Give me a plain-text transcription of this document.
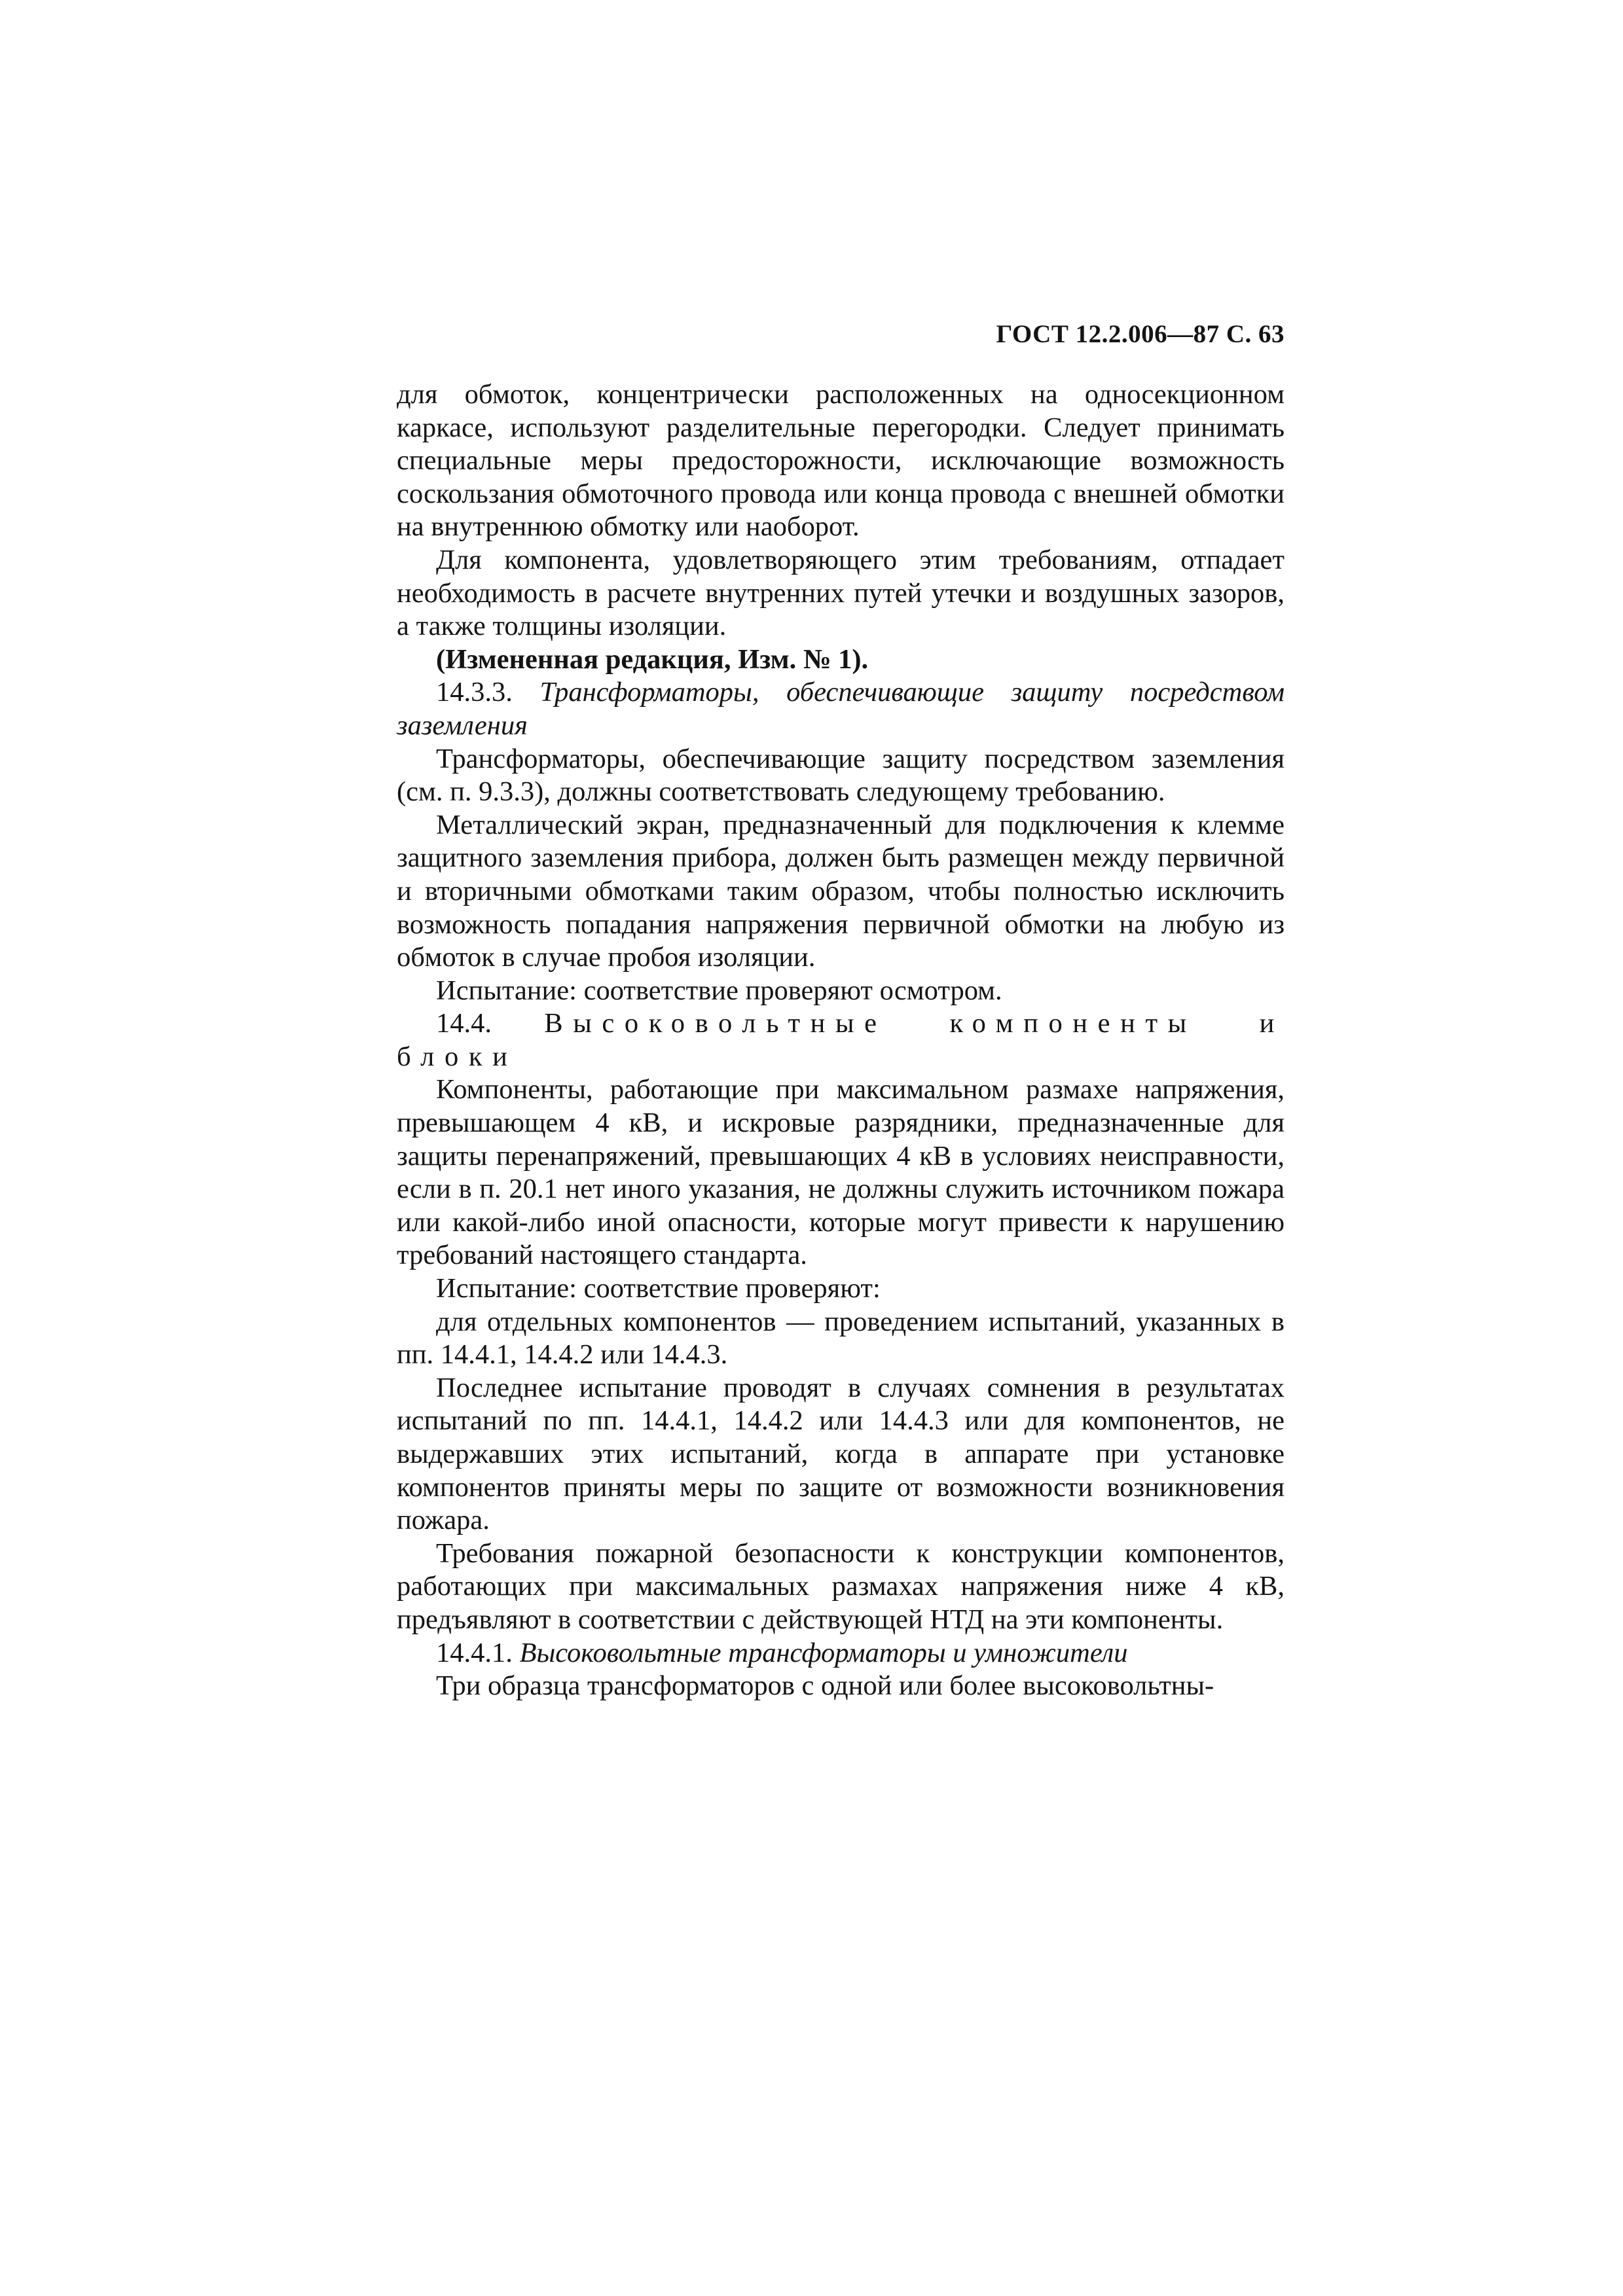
ГОСТ 12.2.006—87 С. 63

для обмоток, концентрически расположенных на односекционном каркасе, используют разделительные перегородки. Следует принимать специальные меры предосторожности, исключающие возможность соскользания обмоточного провода или конца провода с внешней обмотки на внутреннюю обмотку или наоборот.

Для компонента, удовлетворяющего этим требованиям, отпадает необходимость в расчете внутренних путей утечки и воздушных зазоров, а также толщины изоляции.

(Измененная редакция, Изм. № 1).

14.3.3. Трансформаторы, обеспечивающие защиту посредством заземления

Трансформаторы, обеспечивающие защиту посредством заземления (см. п. 9.3.3), должны соответствовать следующему требованию.

Металлический экран, предназначенный для подключения к клемме защитного заземления прибора, должен быть размещен между первичной и вторичными обмотками таким образом, чтобы полностью исключить возможность попадания напряжения первичной обмотки на любую из обмоток в случае пробоя изоляции.

Испытание: соответствие проверяют осмотром.

14.4. Высоковольтные компоненты и блоки

Компоненты, работающие при максимальном размахе напряжения, превышающем 4 кВ, и искровые разрядники, предназначенные для защиты перенапряжений, превышающих 4 кВ в условиях неисправности, если в п. 20.1 нет иного указания, не должны служить источником пожара или какой-либо иной опасности, которые могут привести к нарушению требований настоящего стандарта.

Испытание: соответствие проверяют:

для отдельных компонентов — проведением испытаний, указанных в пп. 14.4.1, 14.4.2 или 14.4.3.

Последнее испытание проводят в случаях сомнения в результатах испытаний по пп. 14.4.1, 14.4.2 или 14.4.3 или для компонентов, не выдержавших этих испытаний, когда в аппарате при установке компонентов приняты меры по защите от возможности возникновения пожара.

Требования пожарной безопасности к конструкции компонентов, работающих при максимальных размахах напряжения ниже 4 кВ, предъявляют в соответствии с действующей НТД на эти компоненты.

14.4.1. Высоковольтные трансформаторы и умножители

Три образца трансформаторов с одной или более высоковольтны-
